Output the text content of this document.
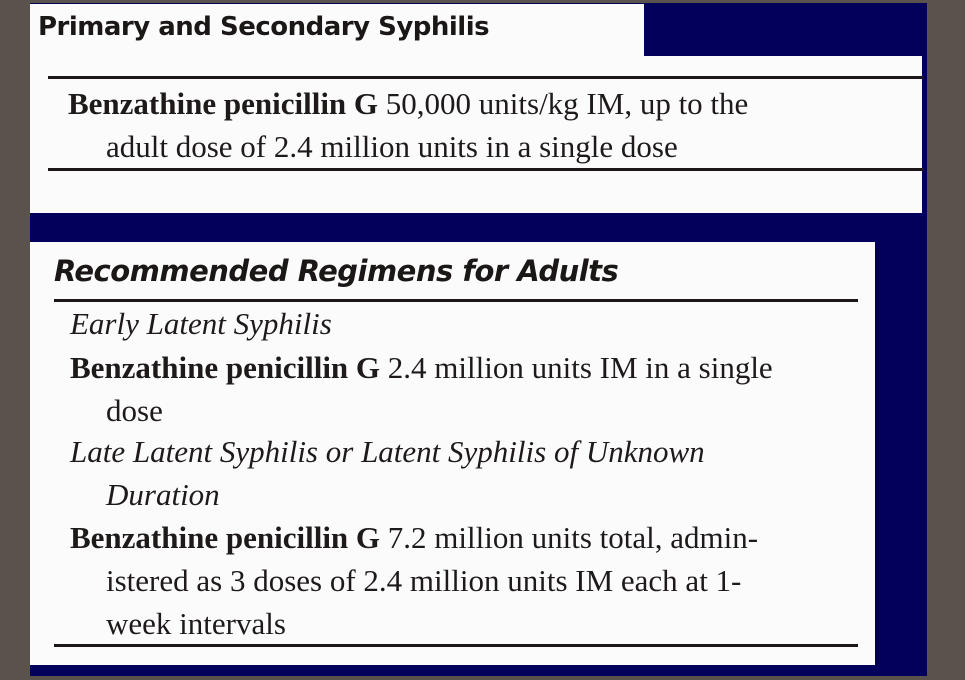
Primary and Secondary Syphilis
Benzathine penicillin G 50,000 units/kg IM, up to the
adult dose of 2.4 million units in a single dose
Recommended Regimens for Adults
Early Latent Syphilis
Benzathine penicillin G 2.4 million units IM in a single
dose
Late Latent Syphilis or Latent Syphilis of Unknown
Duration
Benzathine penicillin G 7.2 million units total, admin-
istered as 3 doses of 2.4 million units IM each at 1-
week intervals
